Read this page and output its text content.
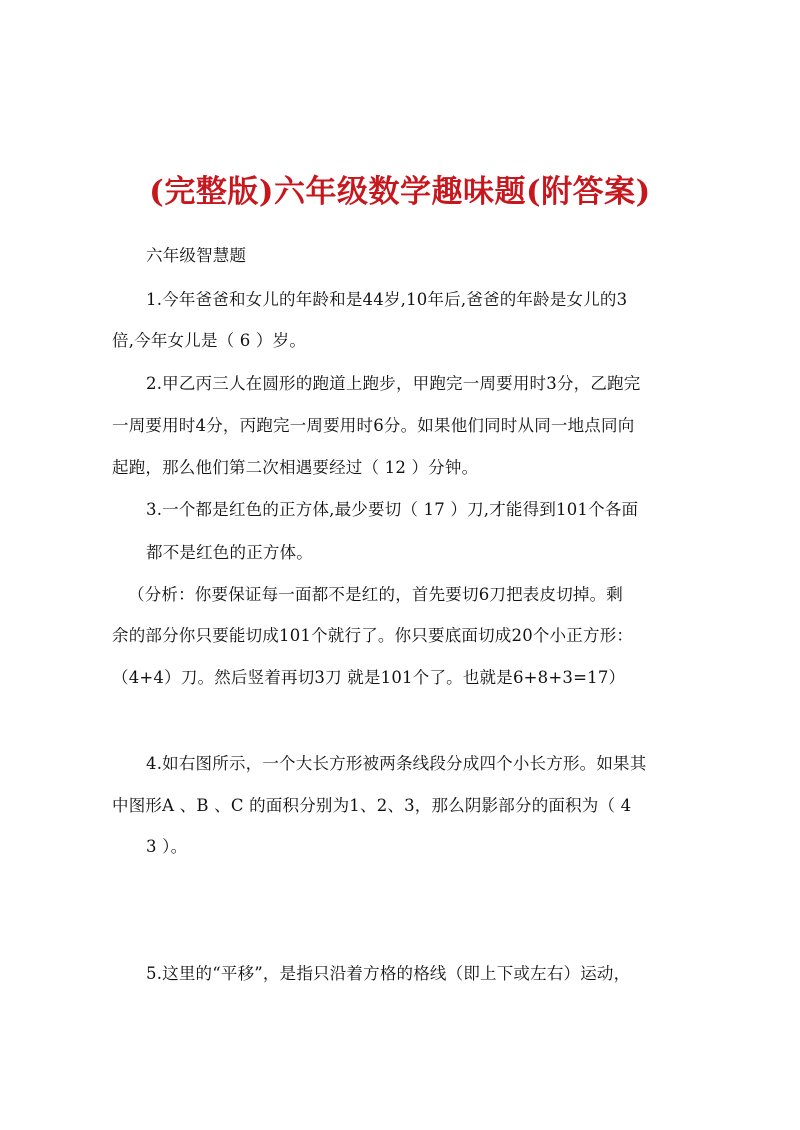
(完整版)六年级数学趣味题(附答案)
六年级智慧题
1.今年爸爸和女儿的年龄和是44岁,10年后,爸爸的年龄是女儿的3
倍,今年女儿是（ 6 ）岁。
2.甲乙丙三人在圆形的跑道上跑步，甲跑完一周要用时3分，乙跑完
一周要用时4分，丙跑完一周要用时6分。如果他们同时从同一地点同向
起跑，那么他们第二次相遇要经过（ 12 ）分钟。
3.一个都是红色的正方体,最少要切（ 17 ）刀,才能得到101个各面
都不是红色的正方体。
（分析：你要保证每一面都不是红的，首先要切6刀把表皮切掉。剩
余的部分你只要能切成101个就行了。你只要底面切成20个小正方形：
（4+4）刀。然后竖着再切3刀 就是101个了。也就是6+8+3=17）
4.如右图所示，一个大长方形被两条线段分成四个小长方形。如果其
中图形A 、B 、C 的面积分别为1、2、3，那么阴影部分的面积为（ 4
3 ）。
5.这里的“平移”，是指只沿着方格的格线（即上下或左右）运动，
